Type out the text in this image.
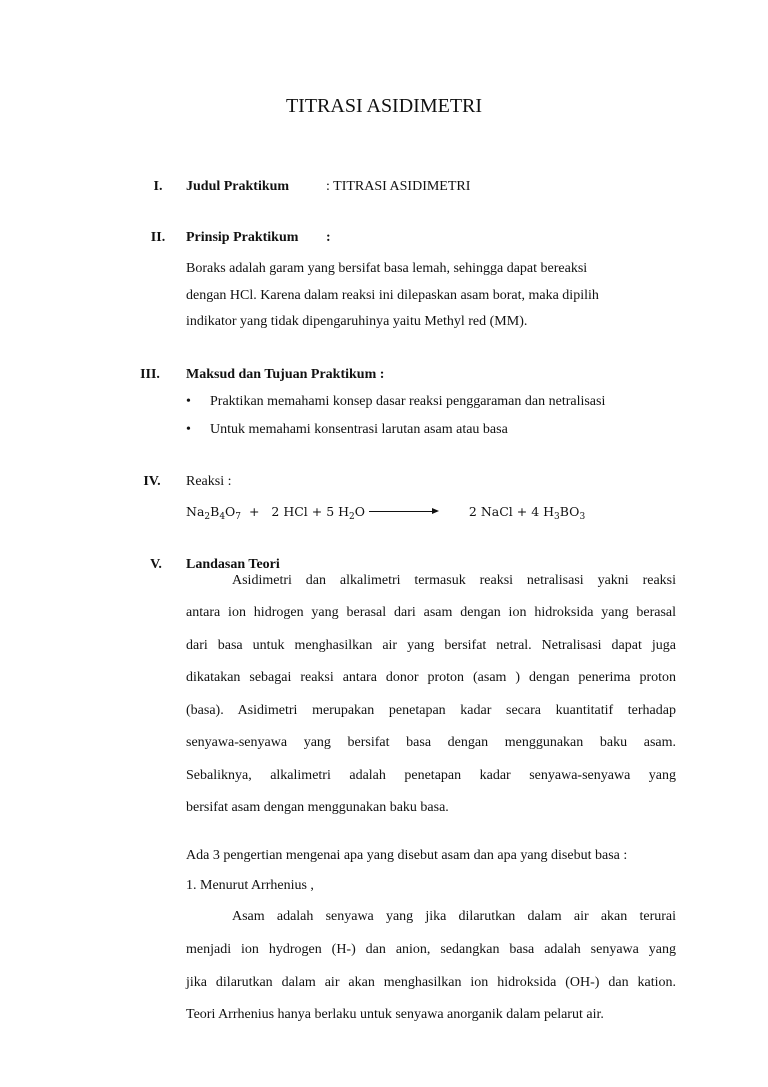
TITRASI ASIDIMETRI
I.	Judul Praktikum	: TITRASI ASIDIMETRI
II.	Prinsip Praktikum :
Boraks adalah garam yang bersifat basa lemah, sehingga dapat bereaksi
dengan HCl. Karena dalam reaksi ini dilepaskan asam borat, maka dipilih
indikator yang tidak dipengaruhinya yaitu Methyl red (MM).
III.	Maksud dan Tujuan Praktikum :
• Praktikan memahami konsep dasar reaksi penggaraman dan netralisasi
• Untuk memahami konsentrasi larutan asam atau basa
IV.	Reaksi :
$Na_2B_4O_7 + 2$ HCl + 5 $H_2O$	2 NaCl + 4 $H_3BO_3$
V.	Landasan Teori
Asidimetri dan alkalimetri termasuk reaksi netralisasi yakni reaksi
antara ion hidrogen yang berasal dari asam dengan ion hidroksida yang berasal
dari basa untuk menghasilkan air yang bersifat netral. Netralisasi dapat juga
dikatakan sebagai reaksi antara donor proton (asam ) dengan penerima proton
(basa). Asidimetri merupakan penetapan kadar secara kuantitatif terhadap
senyawa-senyawa yang bersifat basa dengan menggunakan baku asam.
Sebaliknya, alkalimetri adalah penetapan kadar senyawa-senyawa yang
bersifat asam dengan menggunakan baku basa.
Ada 3 pengertian mengenai apa yang disebut asam dan apa yang disebut basa :
1. Menurut Arrhenius ,
Asam adalah senyawa yang jika dilarutkan dalam air akan terurai
menjadi ion hydrogen (H-) dan anion, sedangkan basa adalah senyawa yang
jika dilarutkan dalam air akan menghasilkan ion hidroksida (OH-) dan kation.
Teori Arrhenius hanya berlaku untuk senyawa anorganik dalam pelarut air.
